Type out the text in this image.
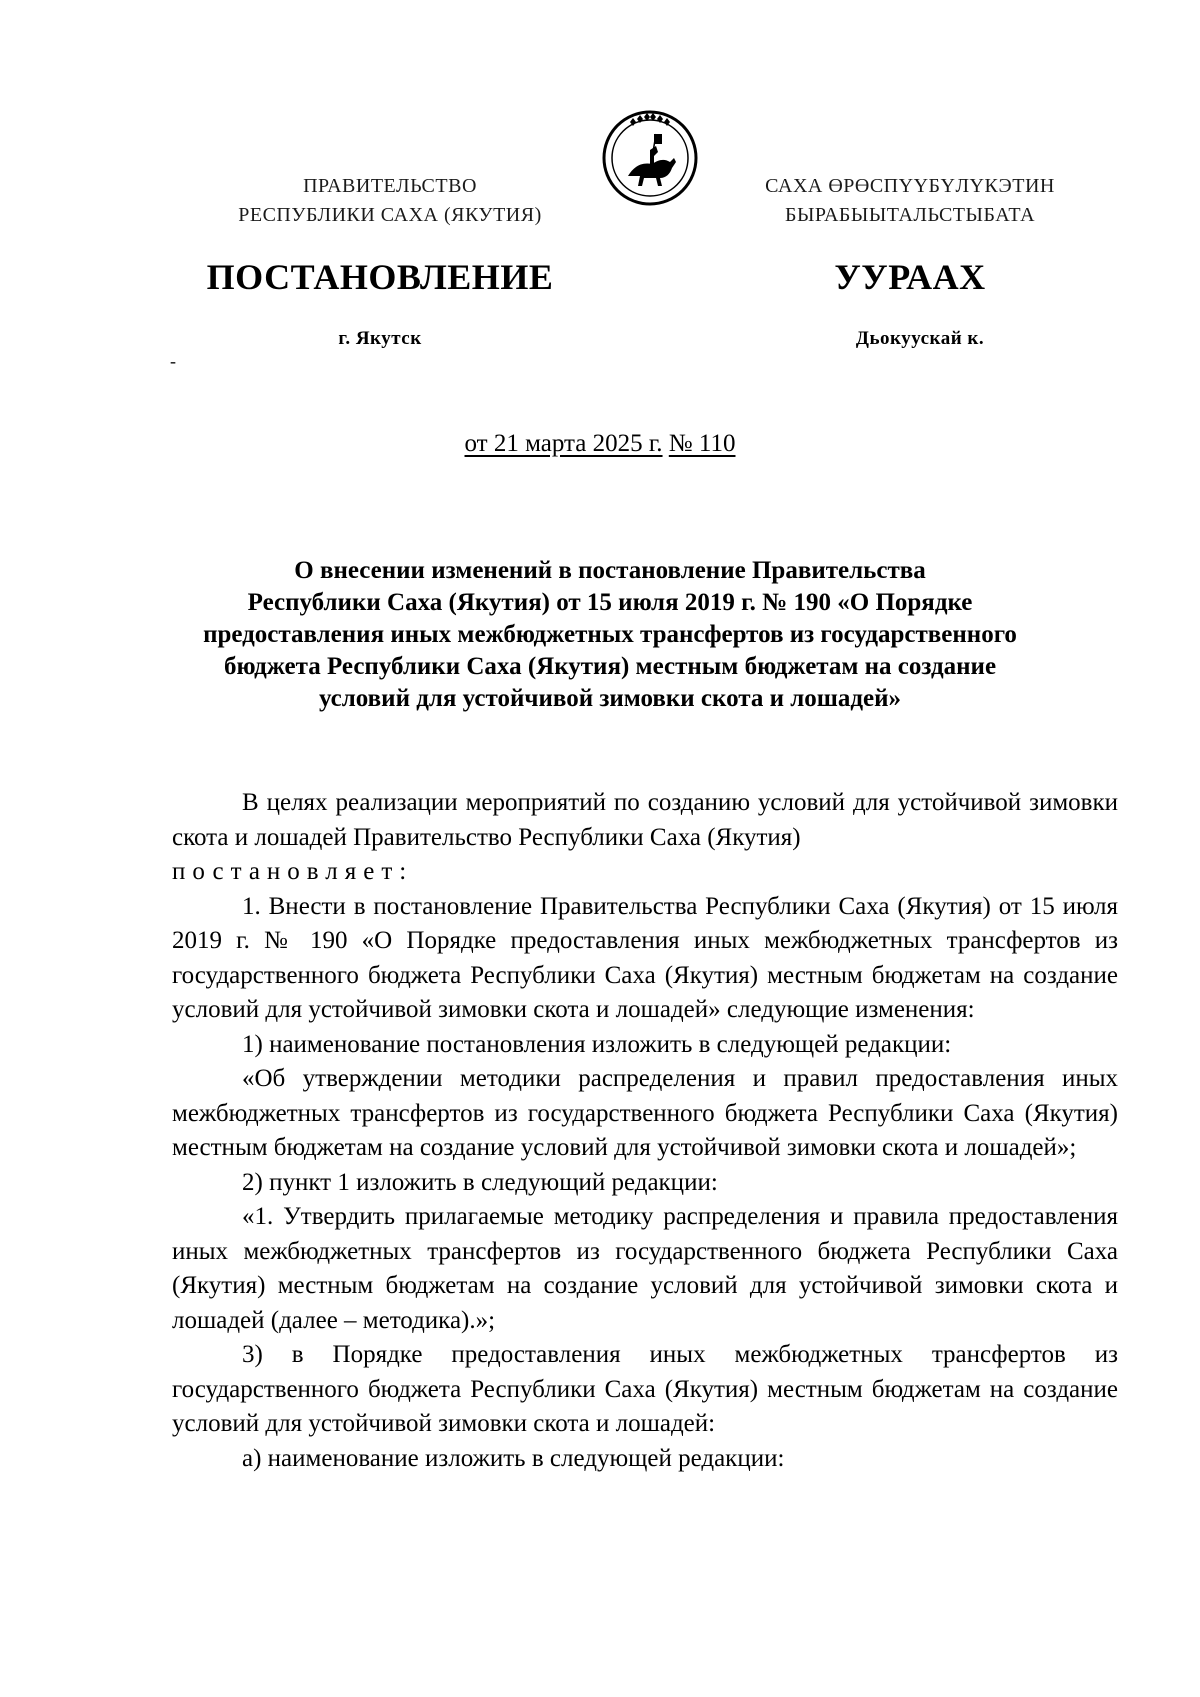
ПРАВИТЕЛЬСТВО
РЕСПУБЛИКИ САХА (ЯКУТИЯ)
САХА ӨРӨСПҮҮБҮЛҮКЭТИН
БЫРАБЫЫТАЛЬСТЫБАТА
ПОСТАНОВЛЕНИЕ	УУРААХ
г. Якутск	Дьокуускай к.
-
от 21 марта 2025 г. № 110
О внесении изменений в постановление Правительства
Республики Саха (Якутия) от 15 июля 2019 г. № 190 «О Порядке
предоставления иных межбюджетных трансфертов из государственного
бюджета Республики Саха (Якутия) местным бюджетам на создание
условий для устойчивой зимовки скота и лошадей»

В целях реализации мероприятий по созданию условий для устойчивой зимовки скота и лошадей Правительство Республики Саха (Якутия)
постановляет:

1. Внести в постановление Правительства Республики Саха (Якутия) от 15 июля 2019 г. № 190 «О Порядке предоставления иных межбюджетных трансфертов из государственного бюджета Республики Саха (Якутия) местным бюджетам на создание условий для устойчивой зимовки скота и лошадей» следующие изменения:

1) наименование постановления изложить в следующей редакции:

«Об утверждении методики распределения и правил предоставления иных межбюджетных трансфертов из государственного бюджета Республики Саха (Якутия) местным бюджетам на создание условий для устойчивой зимовки скота и лошадей»;

2) пункт 1 изложить в следующий редакции:

«1. Утвердить прилагаемые методику распределения и правила предоставления иных межбюджетных трансфертов из государственного бюджета Республики Саха (Якутия) местным бюджетам на создание условий для устойчивой зимовки скота и лошадей (далее – методика).»;

3) в Порядке предоставления иных межбюджетных трансфертов из государственного бюджета Республики Саха (Якутия) местным бюджетам на создание условий для устойчивой зимовки скота и лошадей:

а) наименование изложить в следующей редакции:
